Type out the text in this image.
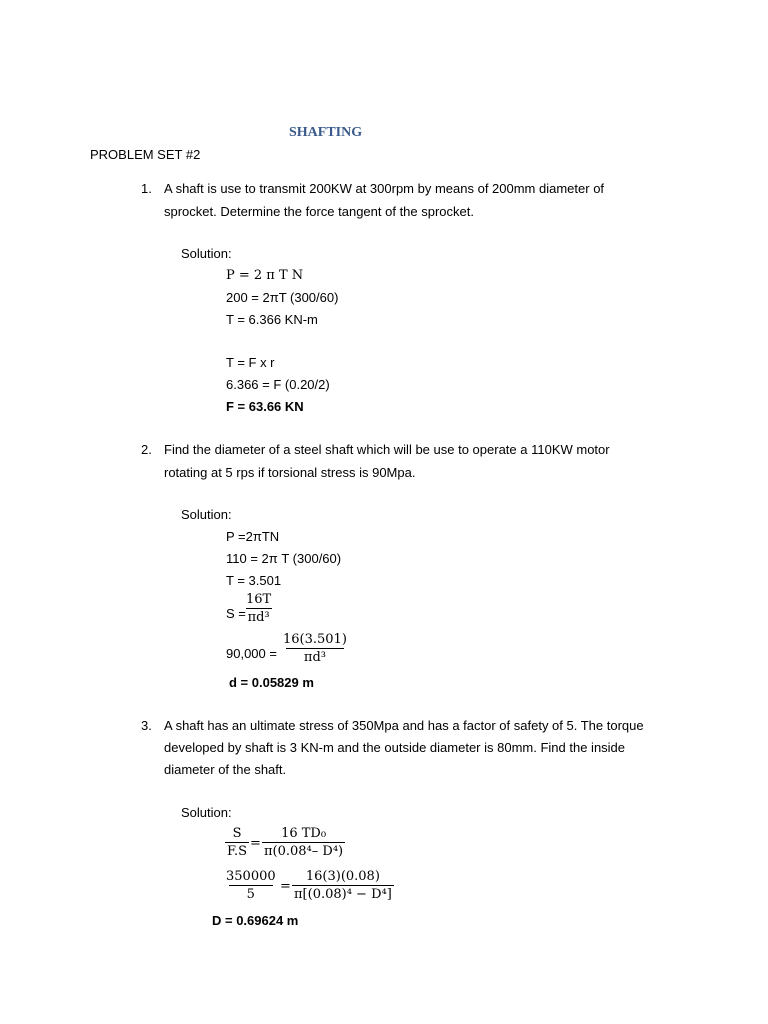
SHAFTING
PROBLEM SET #2
1. A shaft is use to transmit 200KW at 300rpm by means of 200mm diameter of
sprocket. Determine the force tangent of the sprocket.
Solution:
P = 2 π T N
200 = 2πT (300/60)
T = 6.366 KN-m
T = F x r
6.366 = F (0.20/2)
F = 63.66 KN
2. Find the diameter of a steel shaft which will be use to operate a 110KW motor
rotating at 5 rps if torsional stress is 90Mpa.
Solution:
P =2πTN
110 = 2π T (300/60)
T = 3.501
S =
$\frac{16T}{\text{πd³}}$
$90,000 = \frac{16(3.501)}{\text{πd³}}$
d = 0.05829 m
3. A shaft has an ultimate stress of 350Mpa and has a factor of safety of 5. The torque
developed by shaft is 3 KN-m and the outside diameter is 80mm. Find the inside
diameter of the shaft.
Solution:
$\frac{S}{F.S} = \frac{\text{16 TD₀}}{\text{π(0.08⁴– D⁴)}}$
$\frac{350000}{5} = \frac{16(3)(0.08)}{\text{π[(0.08)⁴ − D⁴]}}$
D = 0.69624 m
